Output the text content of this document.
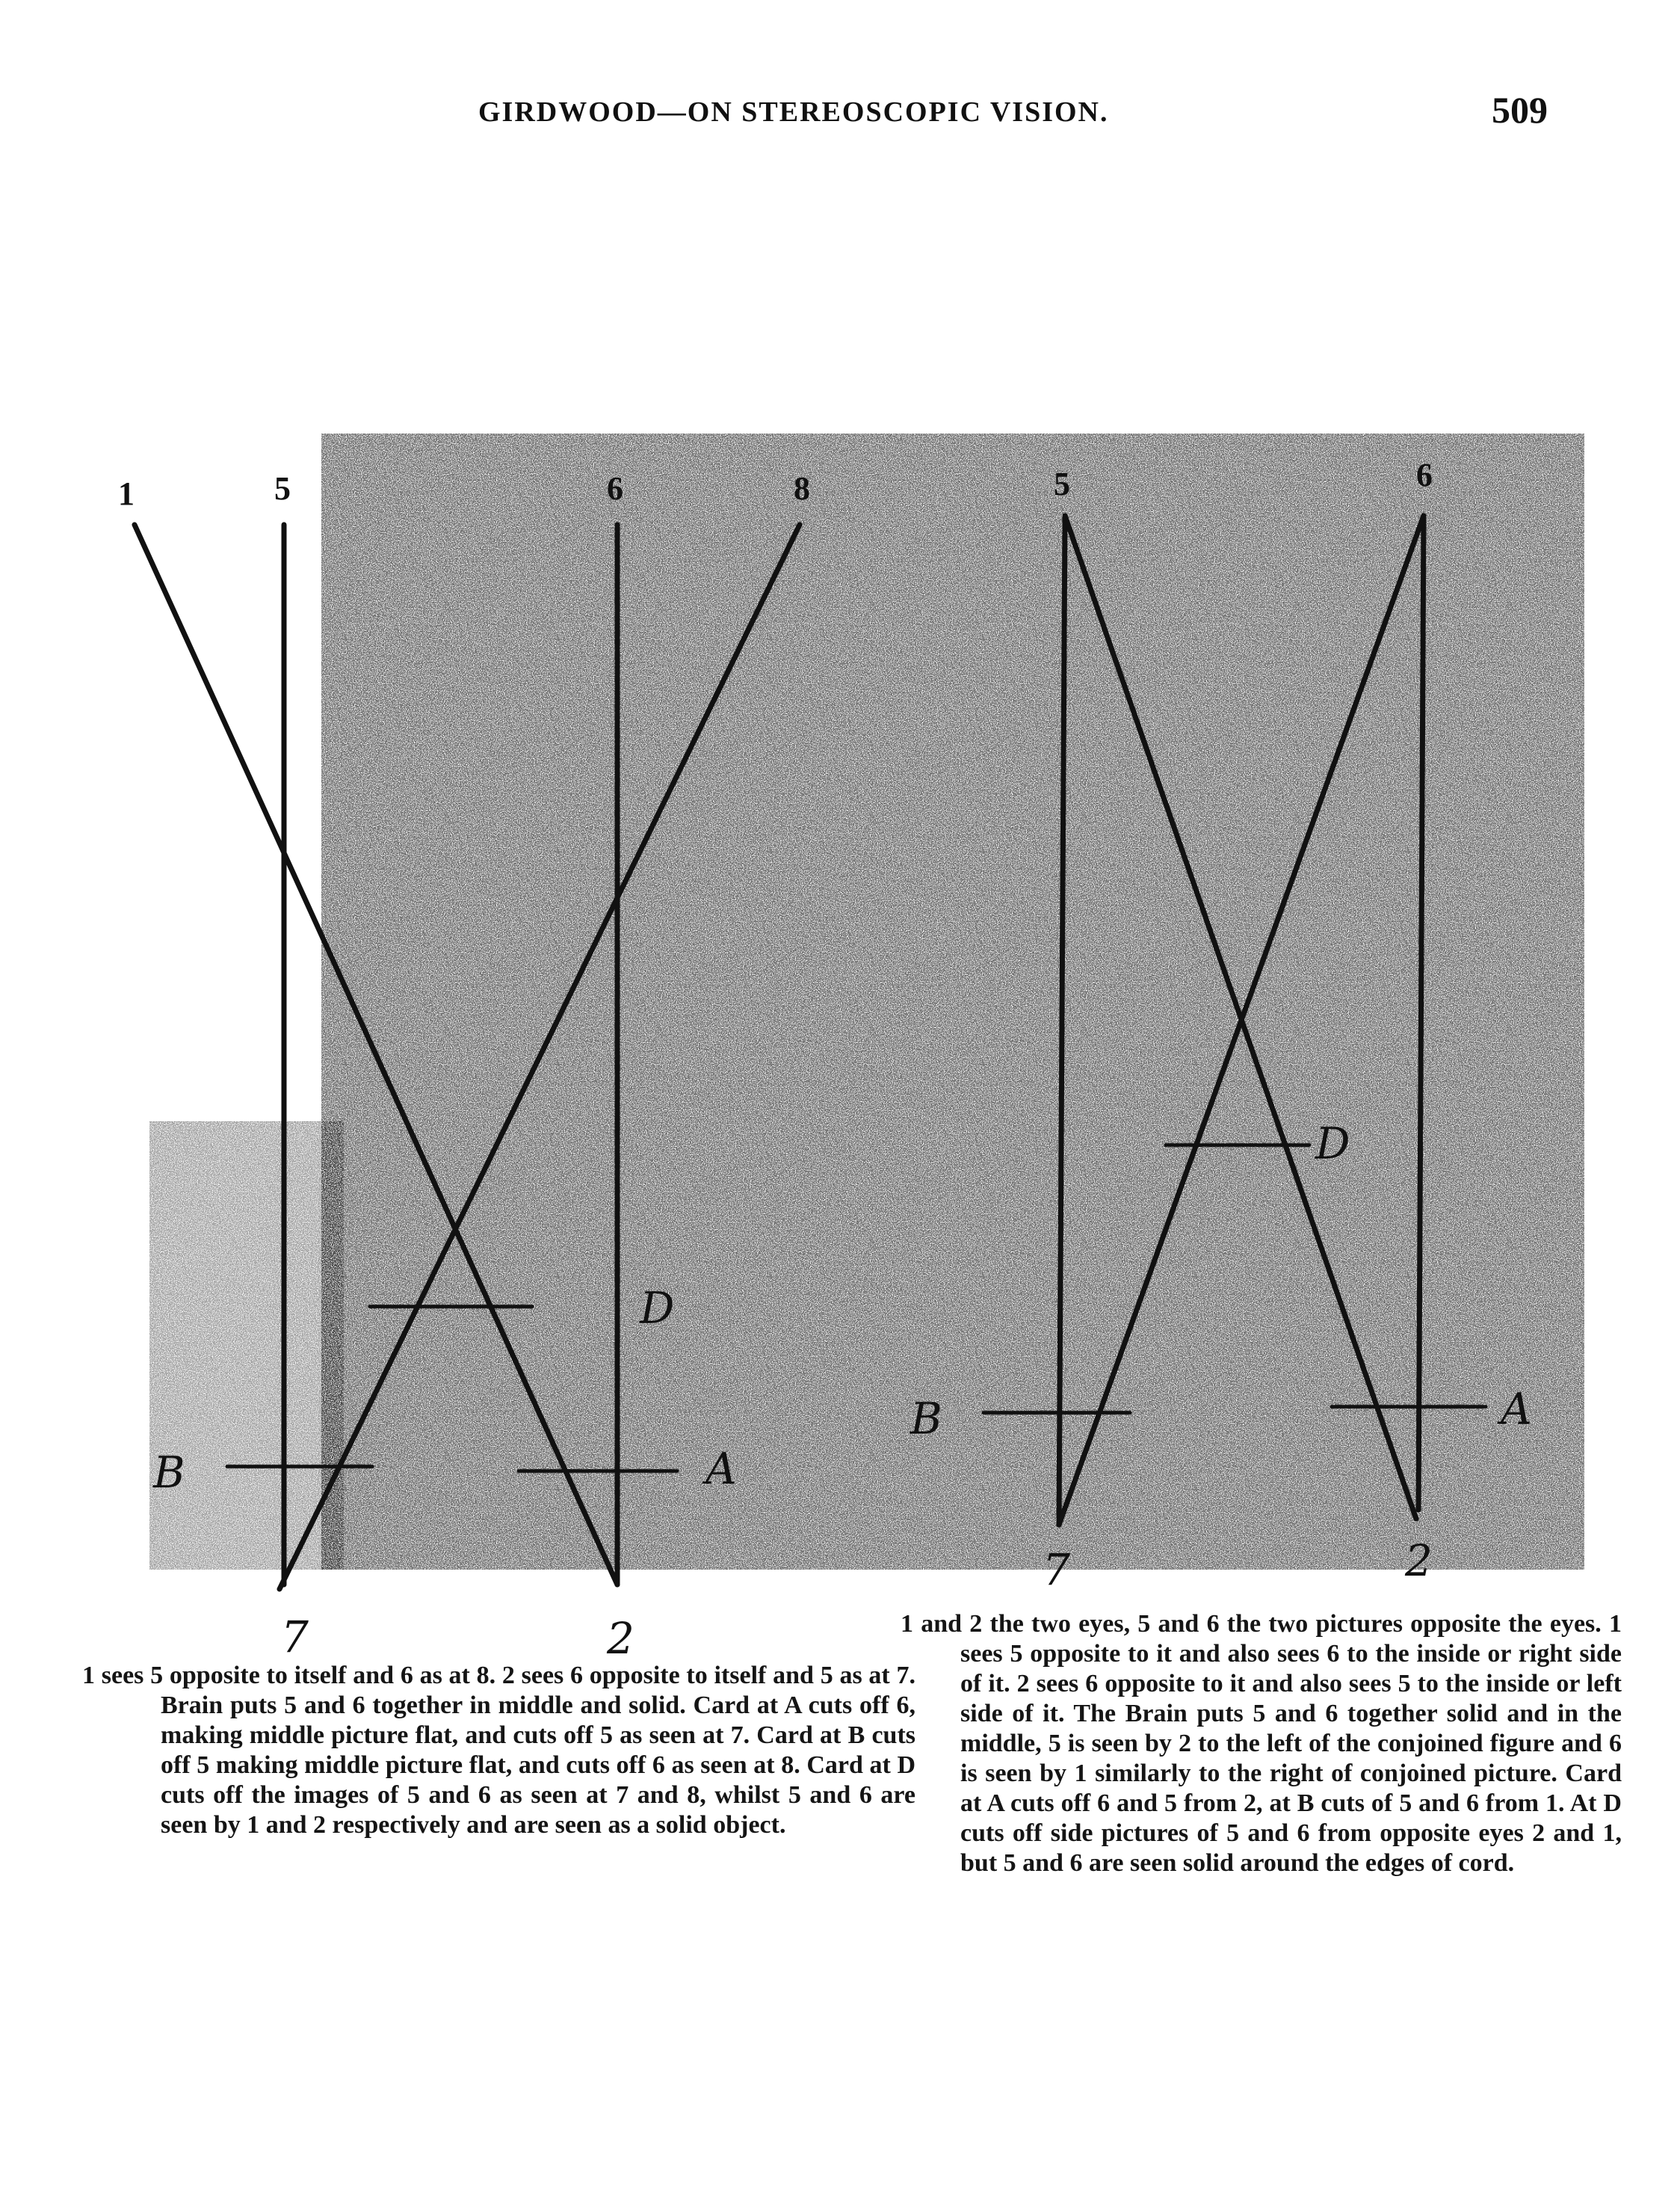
GIRDWOOD—ON STEREOSCOPIC VISION.	509
1	5	6	8
7	2
D
B	A
5	6
7	2
D
B	A
1 sees 5 opposite to itself and 6 as at 8. 2 sees 6 opposite to itself and 5 as at 7. Brain puts 5 and 6 together in middle and solid. Card at A cuts off 6, making middle picture flat, and cuts off 5 as seen at 7. Card at B cuts off 5 making middle picture flat, and cuts off 6 as seen at 8. Card at D cuts off the images of 5 and 6 as seen at 7 and 8, whilst 5 and 6 are seen by 1 and 2 respectively and are seen as a solid object.
1 and 2 the two eyes, 5 and 6 the two pictures opposite the eyes. 1 sees 5 opposite to it and also sees 6 to the inside or right side of it. 2 sees 6 opposite to it and also sees 5 to the inside or left side of it. The Brain puts 5 and 6 together solid and in the middle, 5 is seen by 2 to the left of the conjoined figure and 6 is seen by 1 similarly to the right of conjoined picture. Card at A cuts off 6 and 5 from 2, at B cuts of 5 and 6 from 1. At D cuts off side pictures of 5 and 6 from opposite eyes 2 and 1, but 5 and 6 are seen solid around the edges of cord.
